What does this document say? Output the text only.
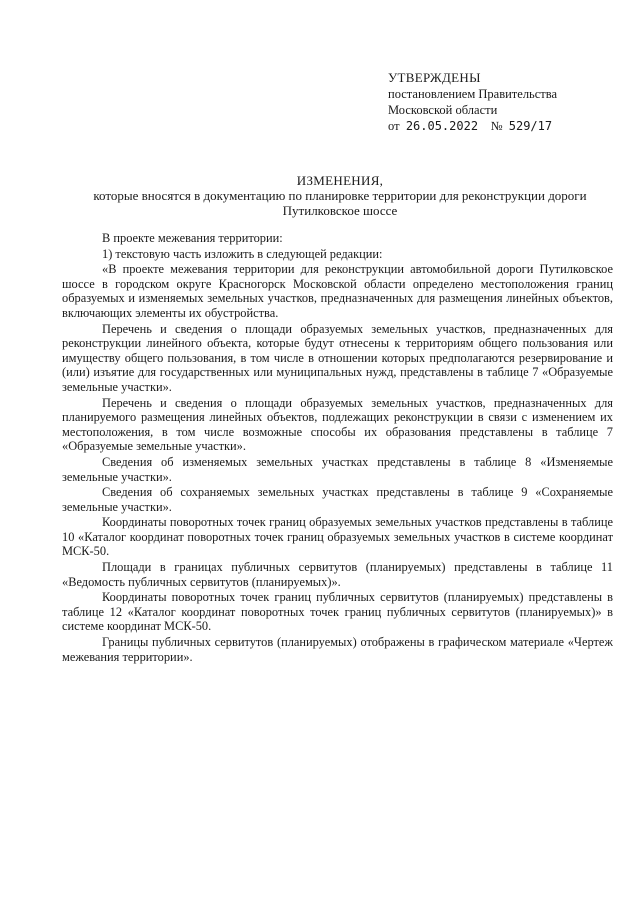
УТВЕРЖДЕНЫ
постановлением Правительства
Московской области
от 26.05.2022 № 529/17
ИЗМЕНЕНИЯ,
которые вносятся в документацию по планировке территории для реконструкции дороги
Путилковское шоссе

В проекте межевания территории:

1) текстовую часть изложить в следующей редакции:

«В проекте межевания территории для реконструкции автомобильной дороги Путилковское шоссе в городском округе Красногорск Московской области определено местоположения границ образуемых и изменяемых земельных участков, предназначенных для размещения линейных объектов, включающих элементы их обустройства.

Перечень и сведения о площади образуемых земельных участков, предназначенных для реконструкции линейного объекта, которые будут отнесены к территориям общего пользования или имуществу общего пользования, в том числе в отношении которых предполагаются резервирование и (или) изъятие для государственных или муниципальных нужд, представлены в таблице 7 «Образуемые земельные участки».

Перечень и сведения о площади образуемых земельных участков, предназначенных для планируемого размещения линейных объектов, подлежащих реконструкции в связи с изменением их местоположения, в том числе возможные способы их образования представлены в таблице 7 «Образуемые земельные участки».

Сведения об изменяемых земельных участках представлены в таблице 8 «Изменяемые земельные участки».

Сведения об сохраняемых земельных участках представлены в таблице 9 «Сохраняемые земельные участки».

Координаты поворотных точек границ образуемых земельных участков представлены в таблице 10 «Каталог координат поворотных точек границ образуемых земельных участков в системе координат МСК-50.

Площади в границах публичных сервитутов (планируемых) представлены в таблице 11 «Ведомость публичных сервитутов (планируемых)».

Координаты поворотных точек границ публичных сервитутов (планируемых) представлены в таблице 12 «Каталог координат поворотных точек границ публичных сервитутов (планируемых)» в системе координат МСК-50.

Границы публичных сервитутов (планируемых) отображены в графическом материале «Чертеж межевания территории».
